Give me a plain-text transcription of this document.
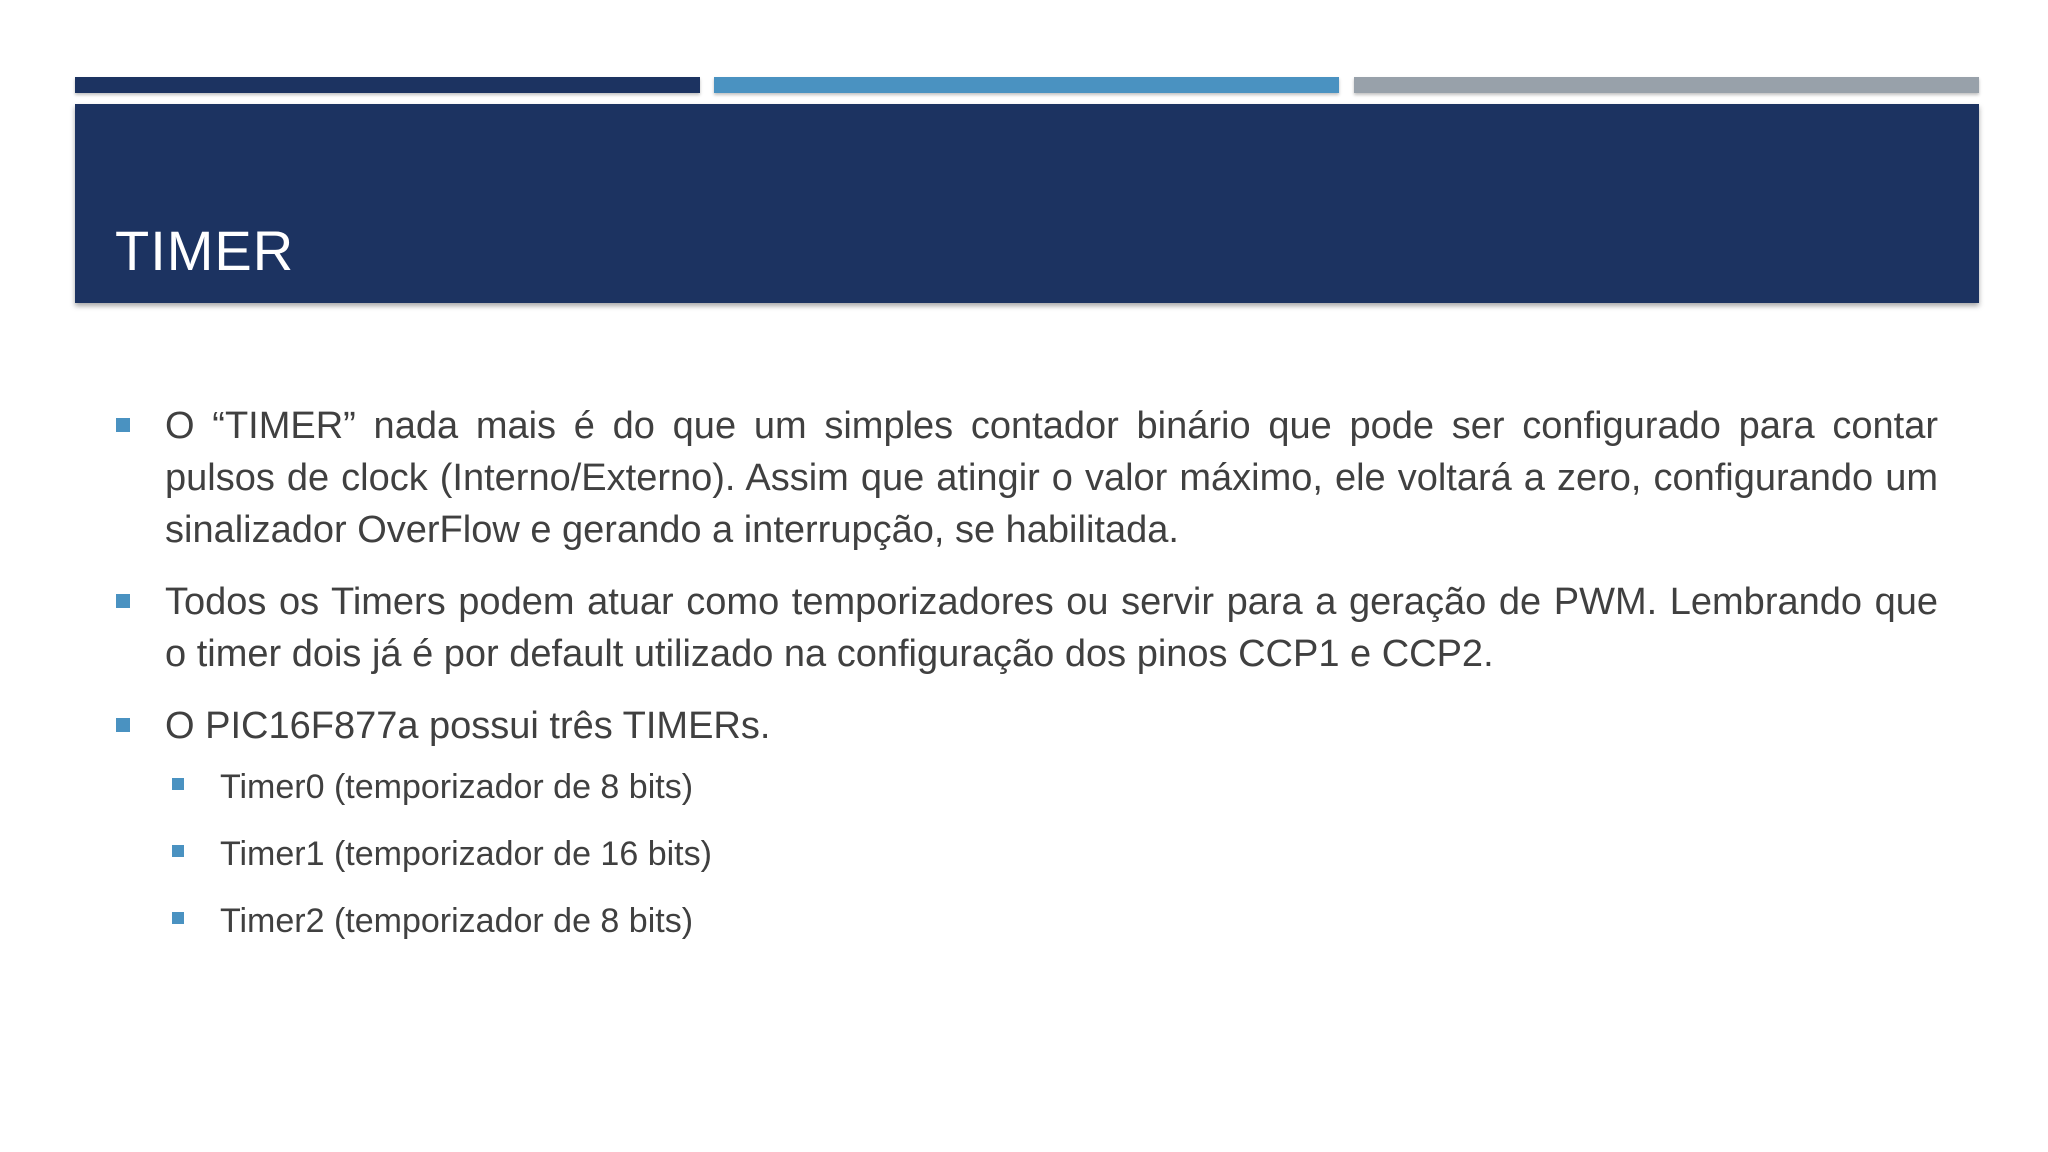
TIMER
O “TIMER” nada mais é do que um simples contador binário que pode ser configurado para contar pulsos de clock (Interno/Externo). Assim que atingir o valor máximo, ele voltará a zero, configurando um sinalizador OverFlow e gerando a interrupção, se habilitada.
Todos os Timers podem atuar como temporizadores ou servir para a geração de PWM. Lembrando que o timer dois já é por default utilizado na configuração dos pinos CCP1 e CCP2.
O PIC16F877a possui três TIMERs.
Timer0 (temporizador de 8 bits)
Timer1 (temporizador de 16 bits)
Timer2 (temporizador de 8 bits)
